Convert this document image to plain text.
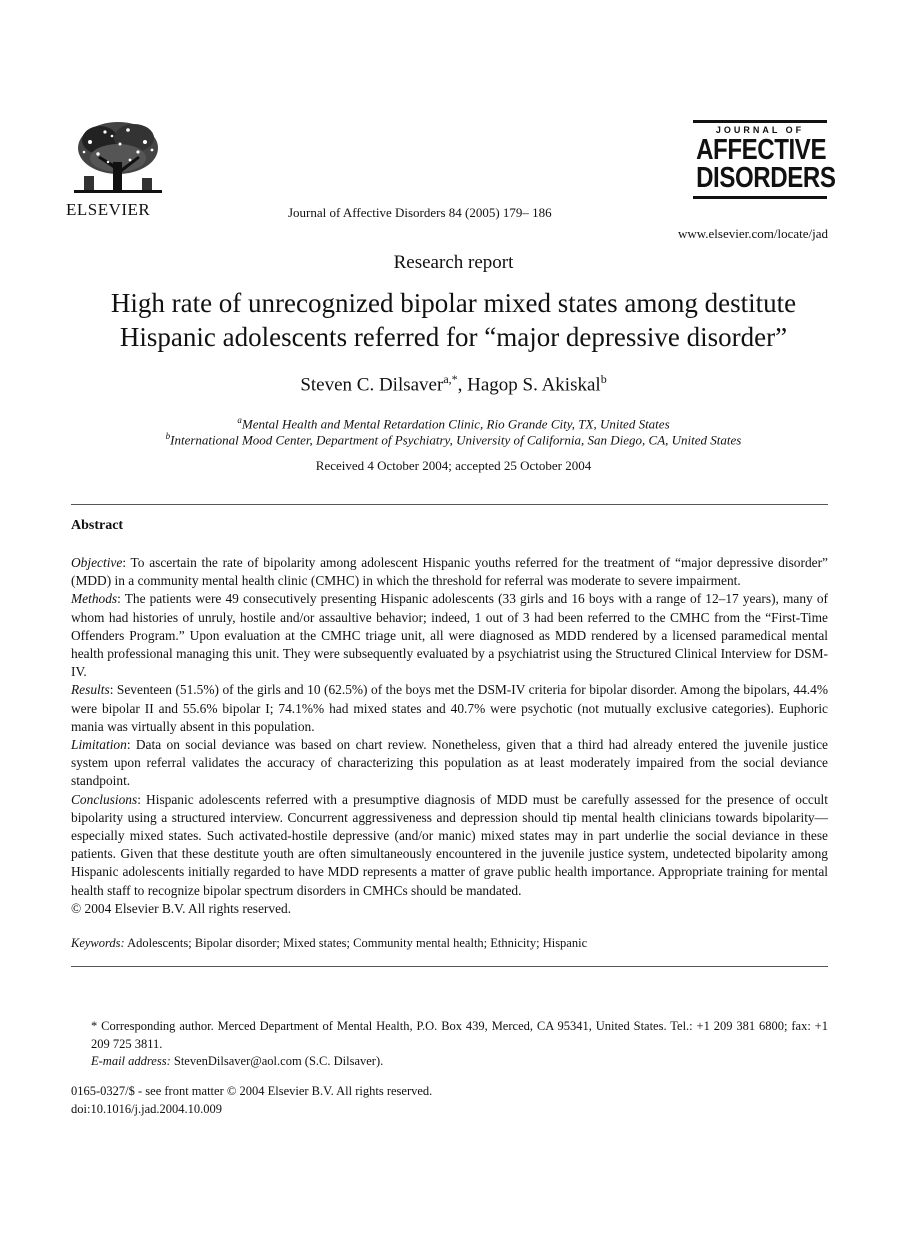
ELSEVIER	Journal of Affective Disorders 84 (2005) 179– 186
JOURNAL OF
AFFECTIVE
DISORDERS
www.elsevier.com/locate/jad
Research report
High rate of unrecognized bipolar mixed states among destitute
Hispanic adolescents referred for “major depressive disorder”
Steven C. Dilsaver$^{a,*}$, Hagop S. Akiskal$^b$
$^a$Mental Health and Mental Retardation Clinic, Rio Grande City, TX, United States
$^b$International Mood Center, Department of Psychiatry, University of California, San Diego, CA, United States
Received 4 October 2004; accepted 25 October 2004
Abstract

Objective: To ascertain the rate of bipolarity among adolescent Hispanic youths referred for the treatment of “major depressive disorder” (MDD) in a community mental health clinic (CMHC) in which the threshold for referral was moderate to severe impairment.

Methods: The patients were 49 consecutively presenting Hispanic adolescents (33 girls and 16 boys with a range of 12–17 years), many of whom had histories of unruly, hostile and/or assaultive behavior; indeed, 1 out of 3 had been referred to the CMHC from the “First-Time Offenders Program.” Upon evaluation at the CMHC triage unit, all were diagnosed as MDD rendered by a licensed paramedical mental health professional managing this unit. They were subsequently evaluated by a psychiatrist using the Structured Clinical Interview for DSM-IV.

Results: Seventeen (51.5%) of the girls and 10 (62.5%) of the boys met the DSM-IV criteria for bipolar disorder. Among the bipolars, 44.4% were bipolar II and 55.6% bipolar I; 74.1%% had mixed states and 40.7% were psychotic (not mutually exclusive categories). Euphoric mania was virtually absent in this population.

Limitation: Data on social deviance was based on chart review. Nonetheless, given that a third had already entered the juvenile justice system upon referral validates the accuracy of characterizing this population as at least moderately impaired from the social deviance standpoint.

Conclusions: Hispanic adolescents referred with a presumptive diagnosis of MDD must be carefully assessed for the presence of occult bipolarity using a structured interview. Concurrent aggressiveness and depression should tip mental health clinicians towards bipolarity—especially mixed states. Such activated-hostile depressive (and/or manic) mixed states may in part underlie the social deviance in these patients. Given that these destitute youth are often simultaneously encountered in the juvenile justice system, undetected bipolarity among Hispanic adolescents initially regarded to have MDD represents a matter of grave public health importance. Appropriate training for mental health staff to recognize bipolar spectrum disorders in CMHCs should be mandated.

© 2004 Elsevier B.V. All rights reserved.

Keywords: Adolescents; Bipolar disorder; Mixed states; Community mental health; Ethnicity; Hispanic

* Corresponding author. Merced Department of Mental Health, P.O. Box 439, Merced, CA 95341, United States. Tel.: +1 209 381 6800; fax: +1 209 725 3811.

E-mail address: StevenDilsaver@aol.com (S.C. Dilsaver).

0165-0327/$ - see front matter © 2004 Elsevier B.V. All rights reserved.
doi:10.1016/j.jad.2004.10.009
